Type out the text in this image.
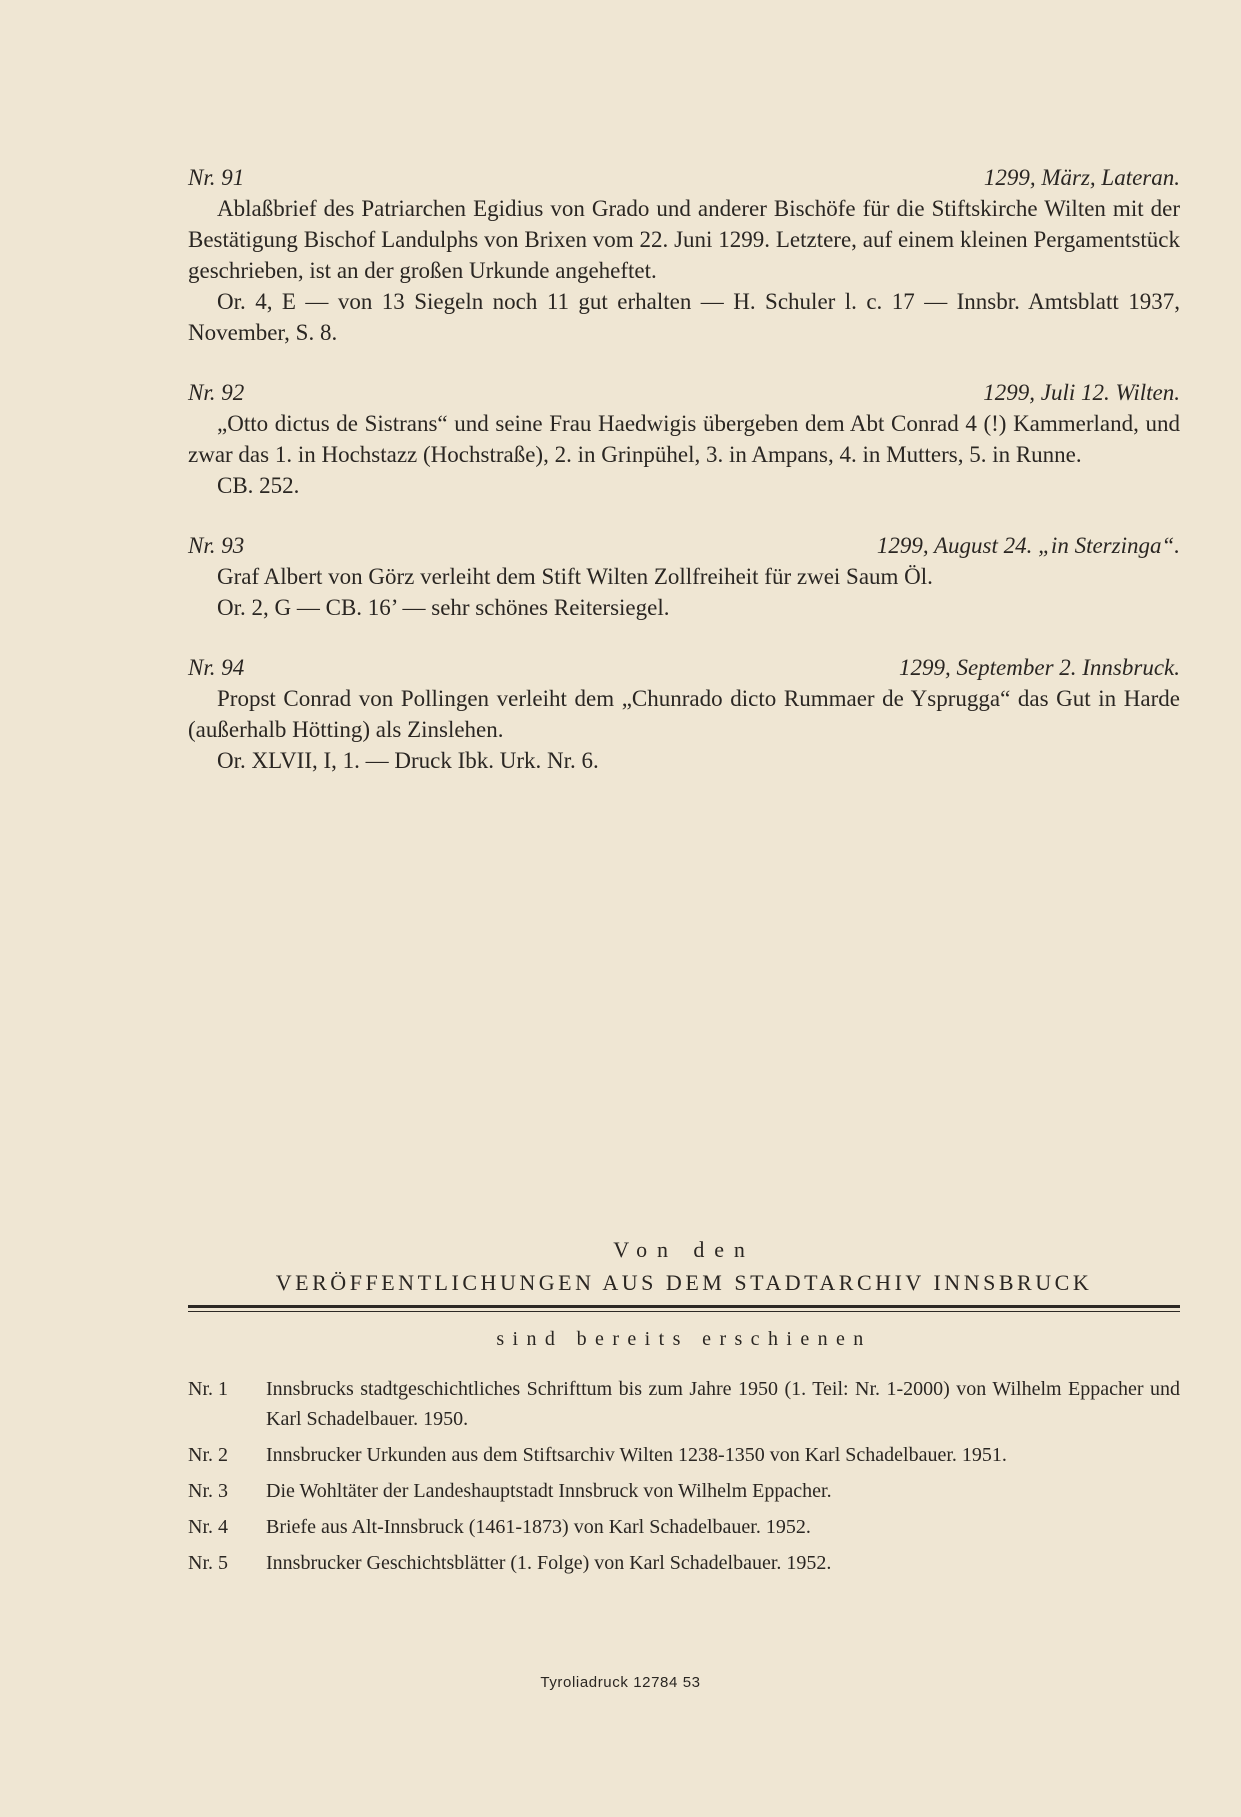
Nr. 91	1299, März, Lateran.

Ablaßbrief des Patriarchen Egidius von Grado und anderer Bischöfe für die Stiftskirche Wilten mit der Bestätigung Bischof Landulphs von Brixen vom 22. Juni 1299. Letztere, auf einem kleinen Pergamentstück geschrieben, ist an der großen Urkunde angeheftet.

Or. 4, E — von 13 Siegeln noch 11 gut erhalten — H. Schuler l. c. 17 — Innsbr. Amtsblatt 1937, November, S. 8.

Nr. 92	1299, Juli 12. Wilten.

„Otto dictus de Sistrans“ und seine Frau Haedwigis übergeben dem Abt Conrad 4 (!) Kammerland, und zwar das 1. in Hochstazz (Hochstraße), 2. in Grinpühel, 3. in Ampans, 4. in Mutters, 5. in Runne.

CB. 252.

Nr. 93	1299, August 24. „in Sterzinga“.

Graf Albert von Görz verleiht dem Stift Wilten Zollfreiheit für zwei Saum Öl.

Or. 2, G — CB. 16’ — sehr schönes Reitersiegel.

Nr. 94	1299, September 2. Innsbruck.

Propst Conrad von Pollingen verleiht dem „Chunrado dicto Rummaer de Ysprugga“ das Gut in Harde (außerhalb Hötting) als Zinslehen.

Or. XLVII, I, 1. — Druck Ibk. Urk. Nr. 6.

Von den
VERÖFFENTLICHUNGEN AUS DEM STADTARCHIV INNSBRUCK
sind bereits erschienen
Nr. 1	Innsbrucks stadtgeschichtliches Schrifttum bis zum Jahre 1950 (1. Teil: Nr. 1-2000) von Wilhelm Eppacher und Karl Schadelbauer. 1950.
Nr. 2	Innsbrucker Urkunden aus dem Stiftsarchiv Wilten 1238-1350 von Karl Schadelbauer. 1951.
Nr. 3	Die Wohltäter der Landeshauptstadt Innsbruck von Wilhelm Eppacher.
Nr. 4	Briefe aus Alt-Innsbruck (1461-1873) von Karl Schadelbauer. 1952.
Nr. 5	Innsbrucker Geschichtsblätter (1. Folge) von Karl Schadelbauer. 1952.
Tyroliadruck 12784 53
